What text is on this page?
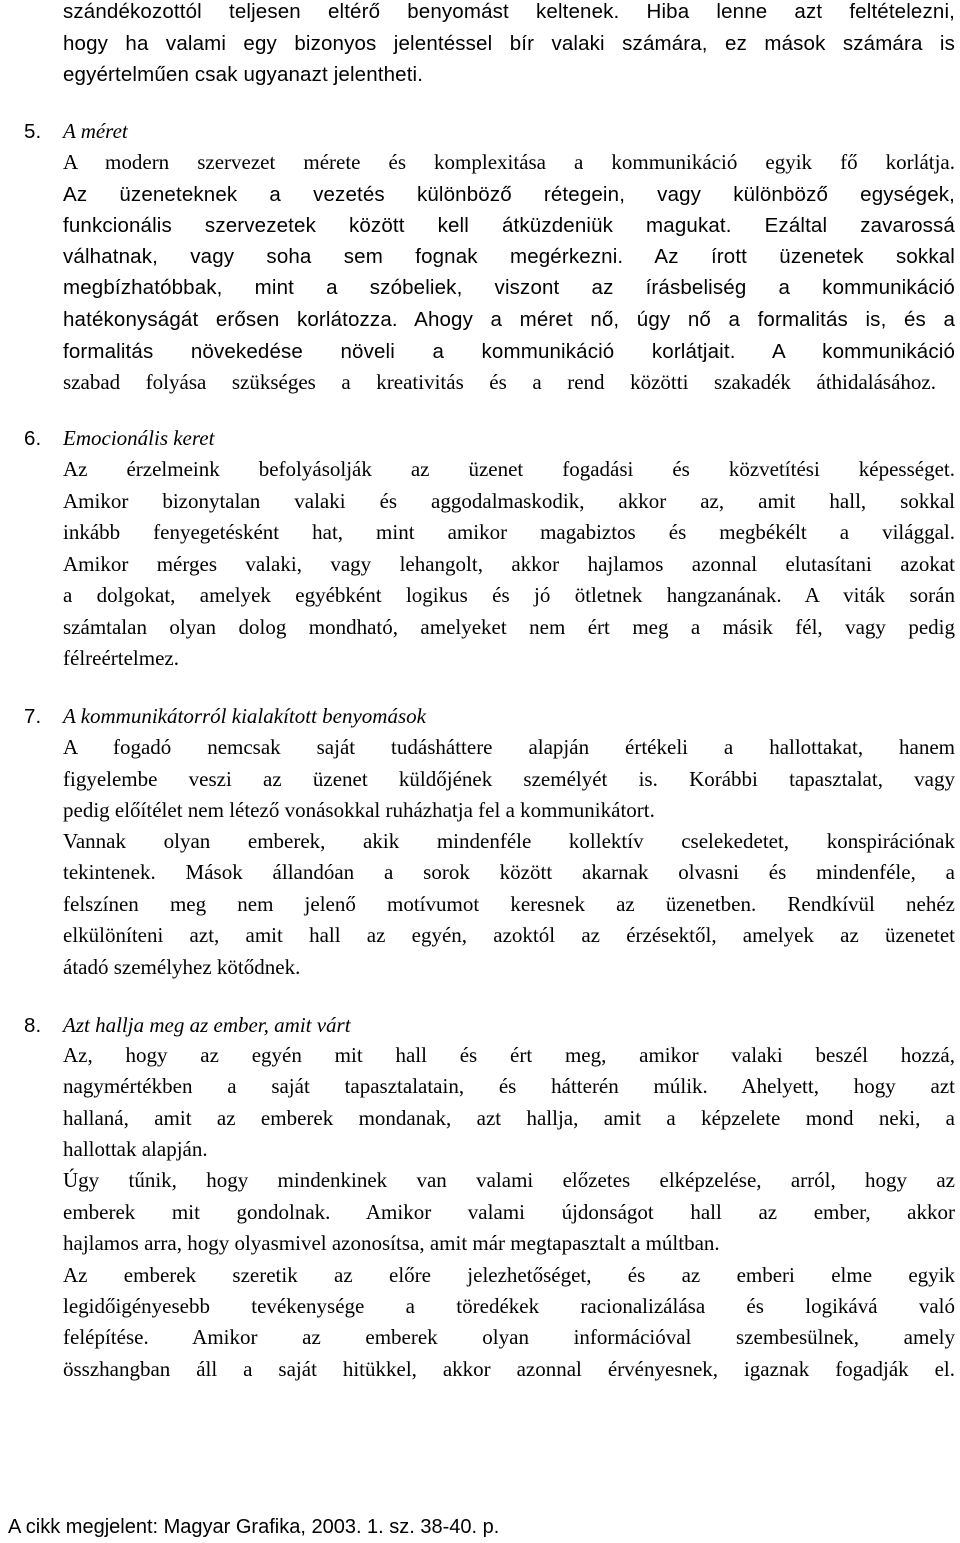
szándékozottól teljesen eltérő benyomást keltenek. Hiba lenne azt feltételezni,
hogy ha valami egy bizonyos jelentéssel bír valaki számára, ez mások számára is
egyértelműen csak ugyanazt jelentheti.
5. A méret
A modern szervezet mérete és komplexitása a kommunikáció egyik fő korlátja.
Az üzeneteknek a vezetés különböző rétegein, vagy különböző egységek,
funkcionális szervezetek között kell átküzdeniük magukat. Ezáltal zavarossá
válhatnak, vagy soha sem fognak megérkezni. Az írott üzenetek sokkal
megbízhatóbbak, mint a szóbeliek, viszont az írásbeliség a kommunikáció
hatékonyságát erősen korlátozza. Ahogy a méret nő, úgy nő a formalitás is, és a
formalitás növekedése növeli a kommunikáció korlátjait. A kommunikáció
szabad folyása szükséges a kreativitás és a rend közötti szakadék áthidalásához.
6. Emocionális keret
Az érzelmeink befolyásolják az üzenet fogadási és közvetítési képességet.
Amikor bizonytalan valaki és aggodalmaskodik, akkor az, amit hall, sokkal
inkább fenyegetésként hat, mint amikor magabiztos és megbékélt a világgal.
Amikor mérges valaki, vagy lehangolt, akkor hajlamos azonnal elutasítani azokat
a dolgokat, amelyek egyébként logikus és jó ötletnek hangzanának. A viták során
számtalan olyan dolog mondható, amelyeket nem ért meg a másik fél, vagy pedig
félreértelmez.
7. A kommunikátorról kialakított benyomások
A fogadó nemcsak saját tudásháttere alapján értékeli a hallottakat, hanem
figyelembe veszi az üzenet küldőjének személyét is. Korábbi tapasztalat, vagy
pedig előítélet nem létező vonásokkal ruházhatja fel a kommunikátort.
Vannak olyan emberek, akik mindenféle kollektív cselekedetet, konspirációnak
tekintenek. Mások állandóan a sorok között akarnak olvasni és mindenféle, a
felszínen meg nem jelenő motívumot keresnek az üzenetben. Rendkívül nehéz
elkülöníteni azt, amit hall az egyén, azoktól az érzésektől, amelyek az üzenetet
átadó személyhez kötődnek.
8. Azt hallja meg az ember, amit várt
Az, hogy az egyén mit hall és ért meg, amikor valaki beszél hozzá,
nagymértékben a saját tapasztalatain, és hátterén múlik. Ahelyett, hogy azt
hallaná, amit az emberek mondanak, azt hallja, amit a képzelete mond neki, a
hallottak alapján.
Úgy tűnik, hogy mindenkinek van valami előzetes elképzelése, arról, hogy az
emberek mit gondolnak. Amikor valami újdonságot hall az ember, akkor
hajlamos arra, hogy olyasmivel azonosítsa, amit már megtapasztalt a múltban.
Az emberek szeretik az előre jelezhetőséget, és az emberi elme egyik
legidőigényesebb tevékenysége a töredékek racionalizálása és logikává való
felépítése. Amikor az emberek olyan információval szembesülnek, amely
összhangban áll a saját hitükkel, akkor azonnal érvényesnek, igaznak fogadják el.
A cikk megjelent: Magyar Grafika, 2003. 1. sz. 38-40. p.
